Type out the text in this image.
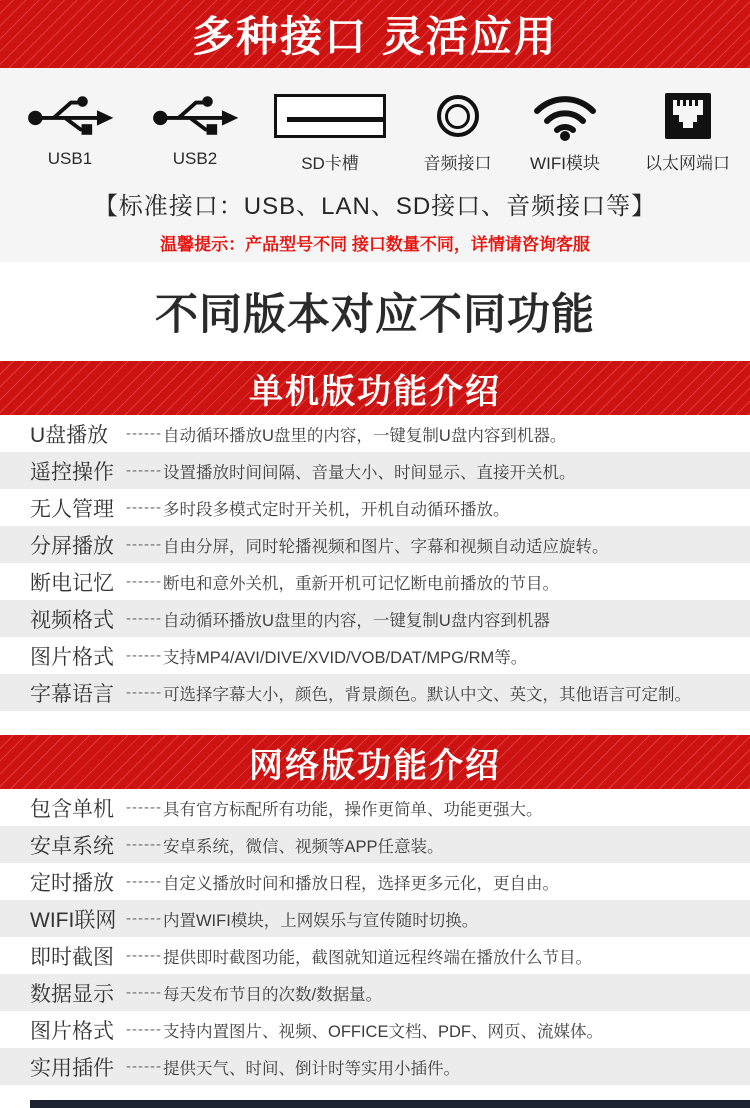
多种接口 灵活应用
USB1	USB2	SD卡槽	音频接口 WIFI模块	以太网端口
【标准接口：USB、LAN、SD接口、音频接口等】
温馨提示：产品型号不同 接口数量不同，详情请咨询客服
不同版本对应不同功能
单机版功能介绍
U盘播放	------ 自动循环播放U盘里的内容，一键复制U盘内容到机器。
遥控操作 ------ 设置播放时间间隔、音量大小、时间显示、直接开关机。
无人管理 ------ 多时段多模式定时开关机，开机自动循环播放。
分屏播放 ------ 自由分屏，同时轮播视频和图片、字幕和视频自动适应旋转。
断电记忆 ------ 断电和意外关机，重新开机可记忆断电前播放的节目。
视频格式 ------ 自动循环播放U盘里的内容，一键复制U盘内容到机器
图片格式 ------ 支持MP4/AVI/DIVE/XVID/VOB/DAT/MPG/RM等。
字幕语言 ------ 可选择字幕大小，颜色，背景颜色。默认中文、英文，其他语言可定制。
网络版功能介绍
包含单机 ------ 具有官方标配所有功能，操作更简单、功能更强大。
安卓系统 ------ 安卓系统，微信、视频等APP任意装。
定时播放 ------ 自定义播放时间和播放日程，选择更多元化，更自由。
WIFI联网 ------ 内置WIFI模块，上网娱乐与宣传随时切换。
即时截图 ------ 提供即时截图功能，截图就知道远程终端在播放什么节目。
数据显示 ------ 每天发布节目的次数/数据量。
图片格式 ------ 支持内置图片、视频、OFFICE文档、PDF、网页、流媒体。
实用插件 ------ 提供天气、时间、倒计时等实用小插件。
